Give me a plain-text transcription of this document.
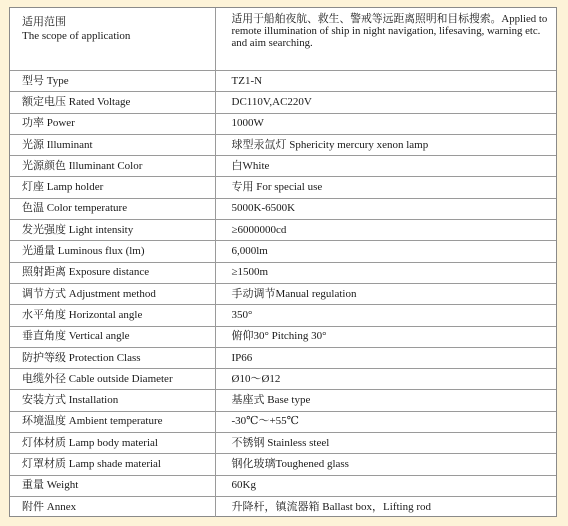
适用范围
The scope of application	适用于船舶夜航、救生、警戒等远距离照明和目标搜索。Applied to remote illumination of ship in night navigation, lifesaving, warning etc. and aim searching.
型号 Type	TZ1-N
额定电压 Rated Voltage	DC110V,AC220V
功率 Power	1000W
光源 Illuminant	球型汞氙灯 Sphericity mercury xenon lamp
光源颜色 Illuminant Color	白White
灯座 Lamp holder	专用 For special use
色温 Color temperature	5000K-6500K
发光强度 Light intensity	≥6000000cd
光通量 Luminous flux (lm)	6,000lm
照射距离 Exposure distance	≥1500m
调节方式 Adjustment method	手动调节Manual regulation
水平角度 Horizontal angle	350°
垂直角度 Vertical angle	俯仰30° Pitching 30°
防护等级 Protection Class	IP66
电缆外径 Cable outside Diameter	Ø10～Ø12
安装方式 Installation	基座式 Base type
环境温度 Ambient temperature	-30℃～+55℃
灯体材质 Lamp body material	不锈钢 Stainless steel
灯罩材质 Lamp shade material	钢化玻璃Toughened glass
重量 Weight	60Kg
附件 Annex	升降杆，镇流器箱 Ballast box，Lifting rod
